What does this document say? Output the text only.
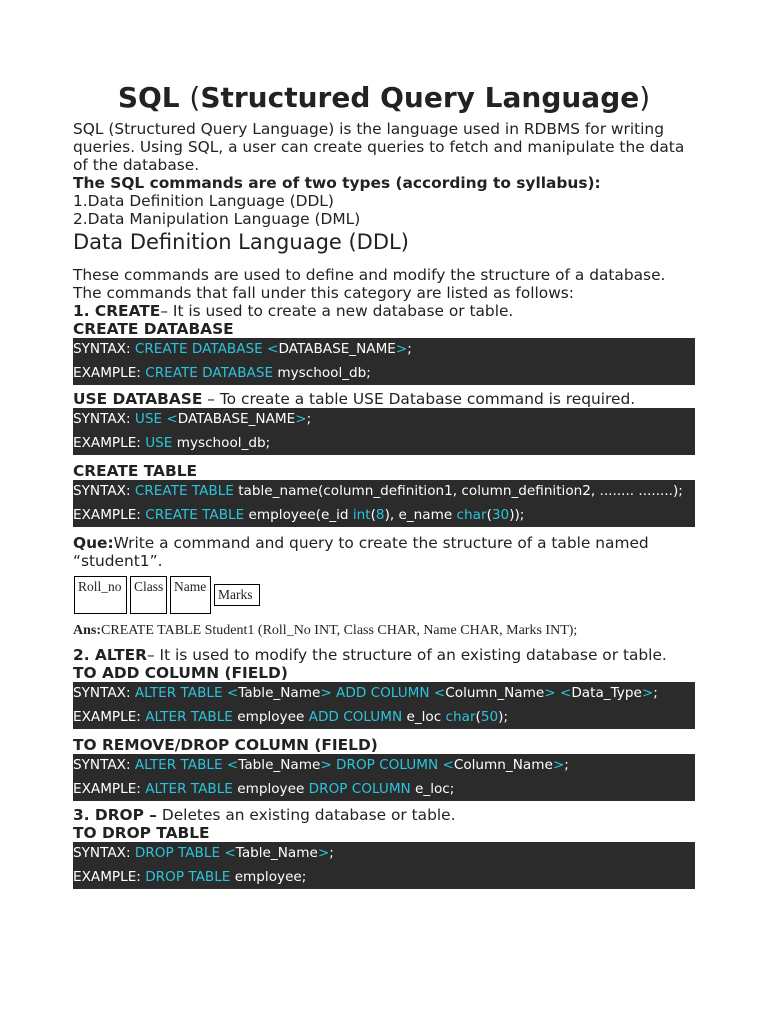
SQL (Structured Query Language)

SQL (Structured Query Language) is the language used in RDBMS for writing queries. Using SQL, a user can create queries to fetch and manipulate the data of the database.

The SQL commands are of two types (according to syllabus):

1.Data Definition Language (DDL)

2.Data Manipulation Language (DML)

Data Definition Language (DDL)

These commands are used to define and modify the structure of a database. The commands that fall under this category are listed as follows:

1. CREATE– It is used to create a new database or table.

CREATE DATABASE

SYNTAX: CREATE DATABASE <DATABASE_NAME>;
EXAMPLE: CREATE DATABASE myschool_db;

USE DATABASE – To create a table USE Database command is required.

SYNTAX: USE <DATABASE_NAME>;
EXAMPLE: USE myschool_db;

CREATE TABLE

SYNTAX: CREATE TABLE table_name(column_definition1, column_definition2, ........ ........);
EXAMPLE: CREATE TABLE employee(e_id int(8), e_name char(30));

Que:Write a command and query to create the structure of a table named “student1”.

Roll_no Class Name
Marks

Ans:CREATE TABLE Student1 (Roll_No INT, Class CHAR, Name CHAR, Marks INT);

2. ALTER– It is used to modify the structure of an existing database or table.

TO ADD COLUMN (FIELD)

SYNTAX: ALTER TABLE <Table_Name> ADD COLUMN <Column_Name> <Data_Type>;
EXAMPLE: ALTER TABLE employee ADD COLUMN e_loc char(50);

TO REMOVE/DROP COLUMN (FIELD)

SYNTAX: ALTER TABLE <Table_Name> DROP COLUMN <Column_Name>;
EXAMPLE: ALTER TABLE employee DROP COLUMN e_loc;

3. DROP – Deletes an existing database or table.

TO DROP TABLE

SYNTAX: DROP TABLE <Table_Name>;
EXAMPLE: DROP TABLE employee;
